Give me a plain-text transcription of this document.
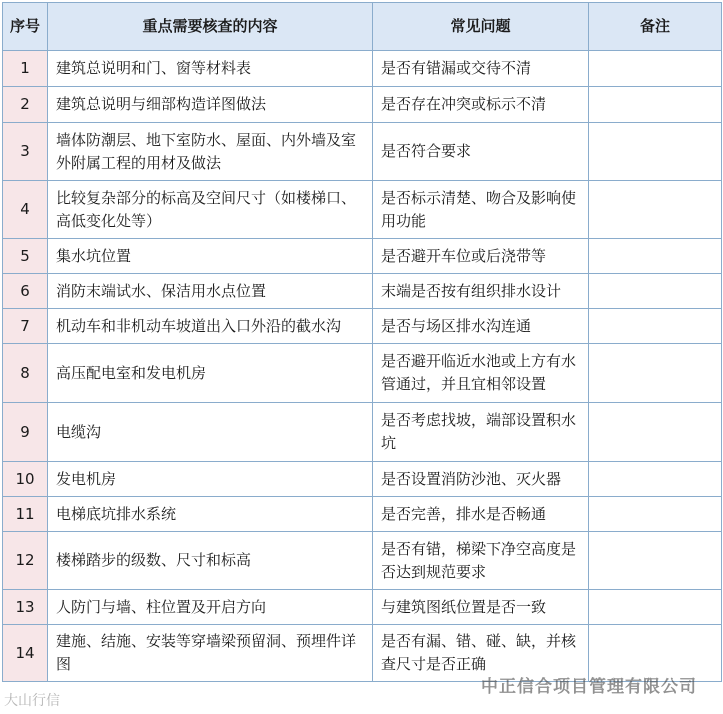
序号	重点需要核查的内容	常见问题	备注
1	建筑总说明和门、窗等材料表	是否有错漏或交待不清	
2	建筑总说明与细部构造详图做法	是否存在冲突或标示不清	
3	墙体防潮层、地下室防水、屋面、内外墙及室外附属工程的用材及做法	是否符合要求	
4	比较复杂部分的标高及空间尺寸（如楼梯口、高低变化处等）	是否标示清楚、吻合及影响使用功能	
5	集水坑位置	是否避开车位或后浇带等	
6	消防末端试水、保洁用水点位置	末端是否按有组织排水设计	
7	机动车和非机动车坡道出入口外沿的截水沟	是否与场区排水沟连通	
8	高压配电室和发电机房	是否避开临近水池或上方有水管通过，并且宜相邻设置	
9	电缆沟	是否考虑找坡，端部设置积水坑	
10	发电机房	是否设置消防沙池、灭火器	
11	电梯底坑排水系统	是否完善，排水是否畅通	
12	楼梯踏步的级数、尺寸和标高	是否有错，梯梁下净空高度是否达到规范要求	
13	人防门与墙、柱位置及开启方向	与建筑图纸位置是否一致	
14	建施、结施、安装等穿墙梁预留洞、预埋件详图	是否有漏、错、碰、缺，并核查尺寸是否正确	
大山行信
中正信合项目管理有限公司
